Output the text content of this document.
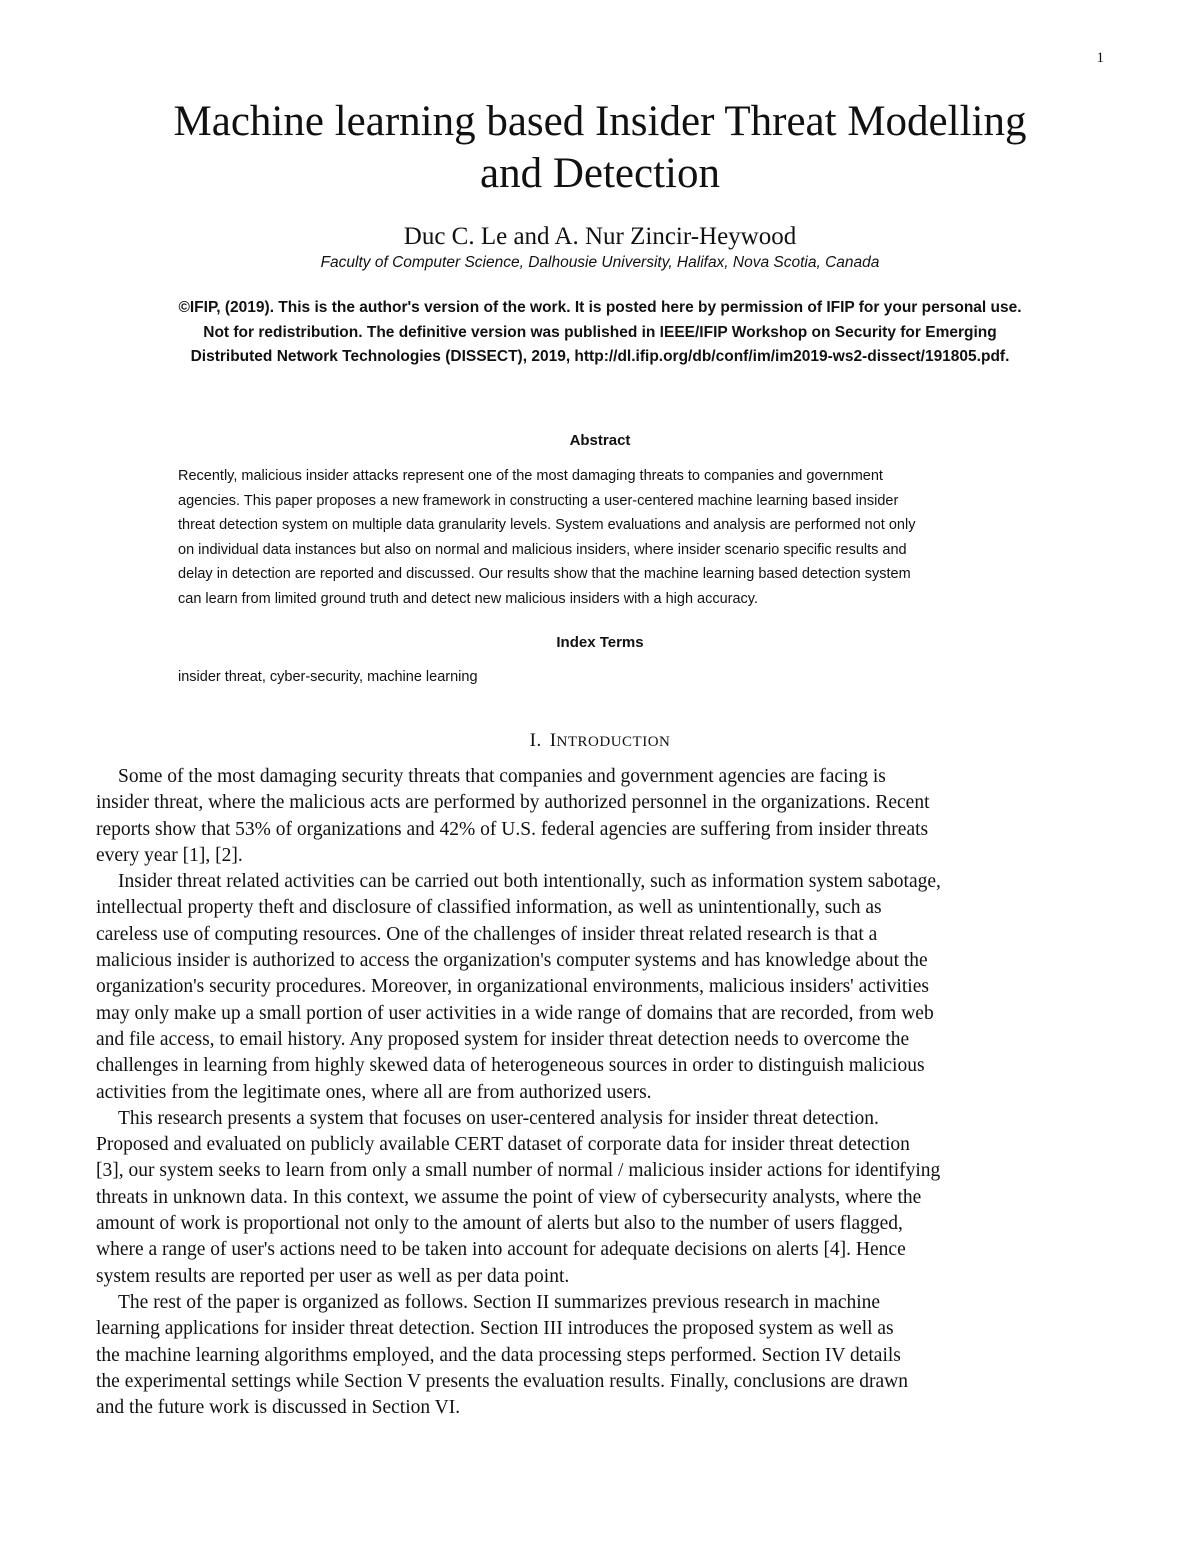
1
Machine learning based Insider Threat Modelling
and Detection
Duc C. Le and A. Nur Zincir-Heywood
Faculty of Computer Science, Dalhousie University, Halifax, Nova Scotia, Canada
©IFIP, (2019). This is the author's version of the work. It is posted here by permission of IFIP for your personal use.
Not for redistribution. The definitive version was published in IEEE/IFIP Workshop on Security for Emerging
Distributed Network Technologies (DISSECT), 2019, http://dl.ifip.org/db/conf/im/im2019-ws2-dissect/191805.pdf.
Abstract
Recently, malicious insider attacks represent one of the most damaging threats to companies and government
agencies. This paper proposes a new framework in constructing a user-centered machine learning based insider
threat detection system on multiple data granularity levels. System evaluations and analysis are performed not only
on individual data instances but also on normal and malicious insiders, where insider scenario specific results and
delay in detection are reported and discussed. Our results show that the machine learning based detection system
can learn from limited ground truth and detect new malicious insiders with a high accuracy.
Index Terms
insider threat, cyber-security, machine learning
I. INTRODUCTION
Some of the most damaging security threats that companies and government agencies are facing is
insider threat, where the malicious acts are performed by authorized personnel in the organizations. Recent
reports show that 53% of organizations and 42% of U.S. federal agencies are suffering from insider threats
every year [1], [2].
Insider threat related activities can be carried out both intentionally, such as information system sabotage,
intellectual property theft and disclosure of classified information, as well as unintentionally, such as
careless use of computing resources. One of the challenges of insider threat related research is that a
malicious insider is authorized to access the organization's computer systems and has knowledge about the
organization's security procedures. Moreover, in organizational environments, malicious insiders' activities
may only make up a small portion of user activities in a wide range of domains that are recorded, from web
and file access, to email history. Any proposed system for insider threat detection needs to overcome the
challenges in learning from highly skewed data of heterogeneous sources in order to distinguish malicious
activities from the legitimate ones, where all are from authorized users.
This research presents a system that focuses on user-centered analysis for insider threat detection.
Proposed and evaluated on publicly available CERT dataset of corporate data for insider threat detection
[3], our system seeks to learn from only a small number of normal / malicious insider actions for identifying
threats in unknown data. In this context, we assume the point of view of cybersecurity analysts, where the
amount of work is proportional not only to the amount of alerts but also to the number of users flagged,
where a range of user's actions need to be taken into account for adequate decisions on alerts [4]. Hence
system results are reported per user as well as per data point.
The rest of the paper is organized as follows. Section II summarizes previous research in machine
learning applications for insider threat detection. Section III introduces the proposed system as well as
the machine learning algorithms employed, and the data processing steps performed. Section IV details
the experimental settings while Section V presents the evaluation results. Finally, conclusions are drawn
and the future work is discussed in Section VI.
